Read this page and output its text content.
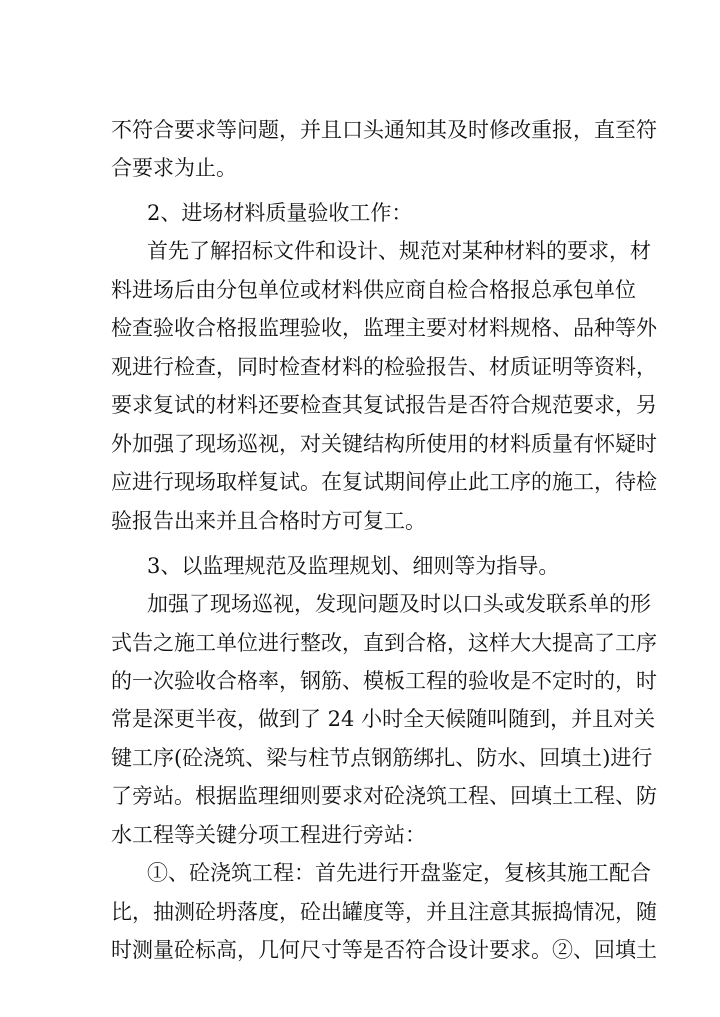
不符合要求等问题，并且口头通知其及时修改重报，直至符
合要求为止。
2、进场材料质量验收工作：
首先了解招标文件和设计、规范对某种材料的要求，材
料进场后由分包单位或材料供应商自检合格报总承包单位
检查验收合格报监理验收，监理主要对材料规格、品种等外
观进行检查，同时检查材料的检验报告、材质证明等资料，
要求复试的材料还要检查其复试报告是否符合规范要求，另
外加强了现场巡视，对关键结构所使用的材料质量有怀疑时
应进行现场取样复试。在复试期间停止此工序的施工，待检
验报告出来并且合格时方可复工。
3、以监理规范及监理规划、细则等为指导。
加强了现场巡视，发现问题及时以口头或发联系单的形
式告之施工单位进行整改，直到合格，这样大大提高了工序
的一次验收合格率，钢筋、模板工程的验收是不定时的，时
常是深更半夜，做到了 24 小时全天候随叫随到，并且对关
键工序(砼浇筑、梁与柱节点钢筋绑扎、防水、回填土)进行
了旁站。根据监理细则要求对砼浇筑工程、回填土工程、防
水工程等关键分项工程进行旁站：
①、砼浇筑工程：首先进行开盘鉴定，复核其施工配合
比，抽测砼坍落度，砼出罐度等，并且注意其振捣情况，随
时测量砼标高，几何尺寸等是否符合设计要求。②、回填土
